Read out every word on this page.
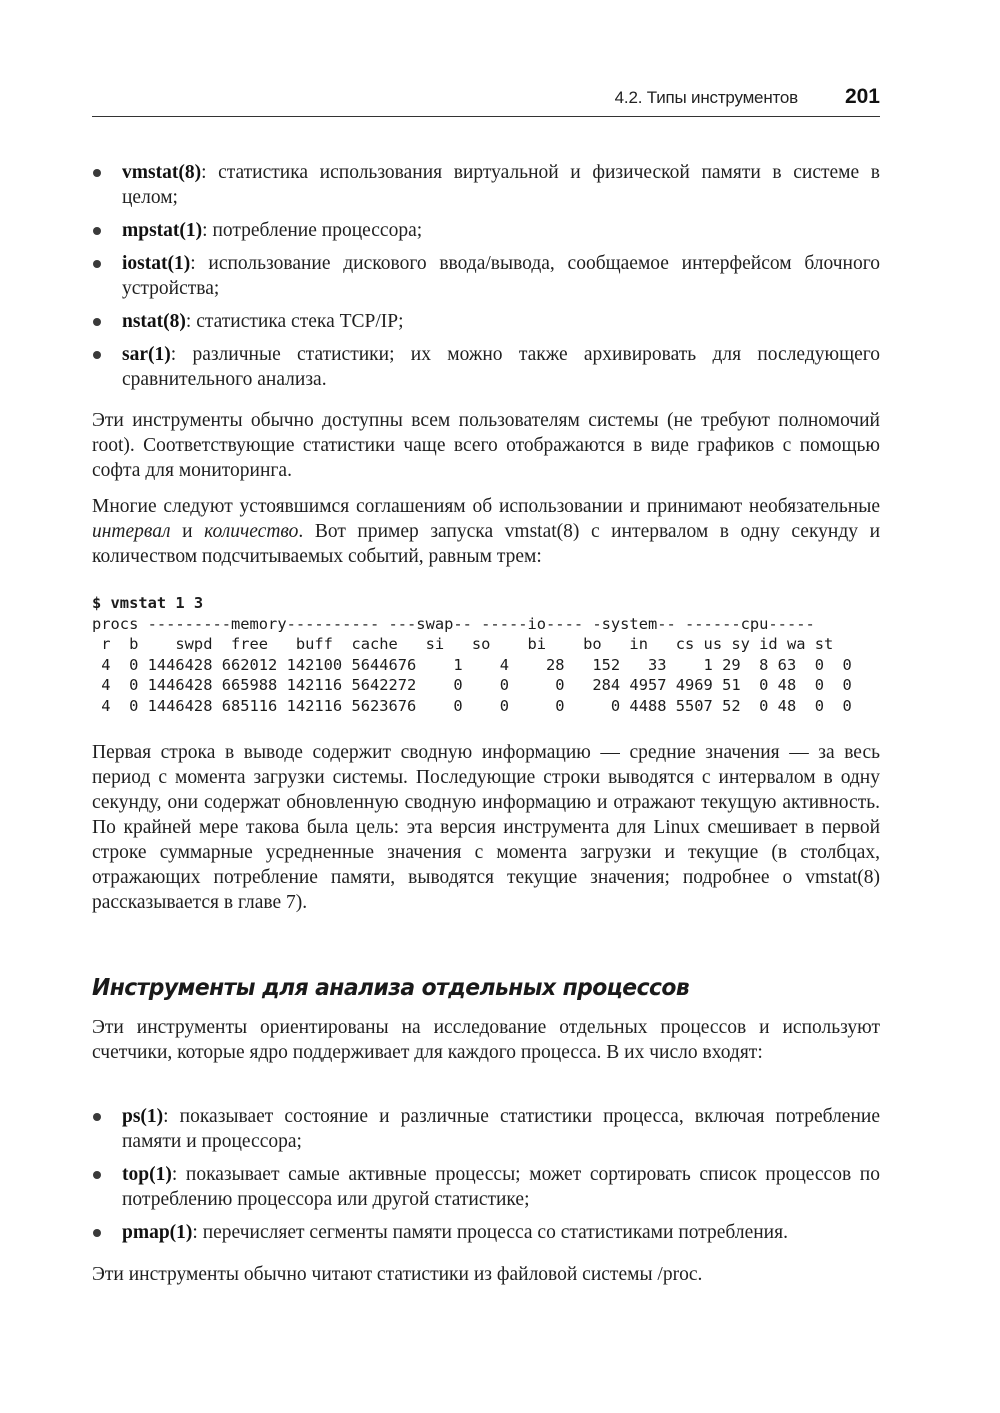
4.2. Типы инструментов 201
vmstat(8): статистика использования виртуальной и физической памяти в системе в целом;
mpstat(1): потребление процессора;
iostat(1): использование дискового ввода/вывода, сообщаемое интерфейсом блочного устройства;
nstat(8): статистика стека TCP/IP;
sar(1): различные статистики; их можно также архивировать для последующего сравнительного анализа.

Эти инструменты обычно доступны всем пользователям системы (не требуют полномочий root). Соответствующие статистики чаще всего отображаются в виде графиков с помощью софта для мониторинга.

Многие следуют устоявшимся соглашениям об использовании и принимают необязательные интервал и количество. Вот пример запуска vmstat(8) с интервалом в одну секунду и количеством подсчитываемых событий, равным трем:

$ vmstat 1 3
procs ---------memory---------- ---swap-- -----io---- -system-- ------cpu-----
r  b    swpd  free   buff  cache   si   so    bi    bo   in   cs us sy id wa st
4  0 1446428 662012 142100 5644676    1    4    28   152   33    1 29  8 63  0  0
4  0 1446428 665988 142116 5642272    0    0     0   284 4957 4969 51  0 48  0  0
4  0 1446428 685116 142116 5623676    0    0     0     0 4488 5507 52  0 48  0  0

Первая строка в выводе содержит сводную информацию — средние значения — за весь период с момента загрузки системы. Последующие строки выводятся с интервалом в одну секунду, они содержат обновленную сводную информацию и отражают текущую активность. По крайней мере такова была цель: эта версия инструмента для Linux смешивает в первой строке суммарные усредненные значения с момента загрузки и текущие (в столбцах, отражающих потребление памяти, выводятся текущие значения; подробнее о vmstat(8) рассказывается в главе 7).

Инструменты для анализа отдельных процессов

Эти инструменты ориентированы на исследование отдельных процессов и используют счетчики, которые ядро поддерживает для каждого процесса. В их число входят:

ps(1): показывает состояние и различные статистики процесса, включая потребление памяти и процессора;
top(1): показывает самые активные процессы; может сортировать список процессов по потреблению процессора или другой статистике;
pmap(1): перечисляет сегменты памяти процесса со статистиками потребления.

Эти инструменты обычно читают статистики из файловой системы /proc.
